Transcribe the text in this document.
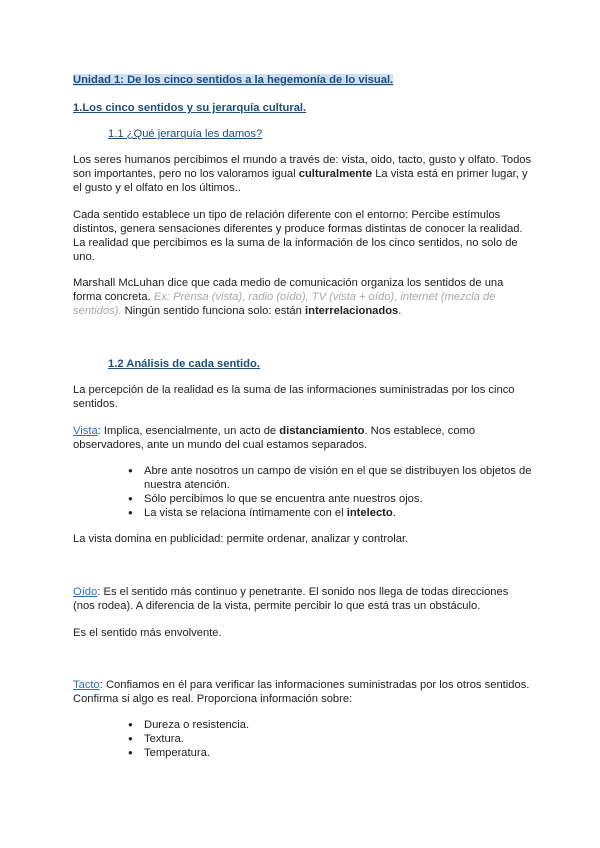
Unidad 1: De los cinco sentidos a la hegemonía de lo visual.

1.Los cinco sentidos y su jerarquía cultural.

1.1 ¿Qué jerarquía les damos?

Los seres humanos percibimos el mundo a través de: vista, oido, tacto, gusto y olfato. Todos son importantes, pero no los valoramos igual culturalmente La vista está en primer lugar, y el gusto y el olfato en los últimos..

Cada sentido establece un tipo de relación diferente con el entorno: Percibe estímulos distintos, genera sensaciones diferentes y produce formas distintas de conocer la realidad. La realidad que percibimos es la suma de la información de los cinco sentidos, no solo de uno.

Marshall McLuhan dice que cada medio de comunicación organiza los sentidos de una forma concreta. Ex: Prensa (vista), radio (oído), TV (vista + oído), internet (mezcla de sentidos). Ningún sentido funciona solo: están interrelacionados.

1.2 Análisis de cada sentido.

La percepción de la realidad es la suma de las informaciones suministradas por los cinco sentidos.

Vista: Implica, esencialmente, un acto de distanciamiento. Nos establece, como observadores, ante un mundo del cual estamos separados.

● Abre ante nosotros un campo de visión en el que se distribuyen los objetos de nuestra atención.
● Sólo percibimos lo que se encuentra ante nuestros ojos.
● La vista se relaciona íntimamente con el intelecto.

La vista domina en publicidad: permite ordenar, analizar y controlar.

Oído: Es el sentido más continuo y penetrante. El sonido nos llega de todas direcciones (nos rodea). A diferencia de la vista, permite percibir lo que está tras un obstáculo.

Es el sentido más envolvente.

Tacto: Confiamos en él para verificar las informaciones suministradas por los otros sentidos. Confirma si algo es real. Proporciona información sobre:

● Dureza o resistencia.
● Textura.
● Temperatura.
